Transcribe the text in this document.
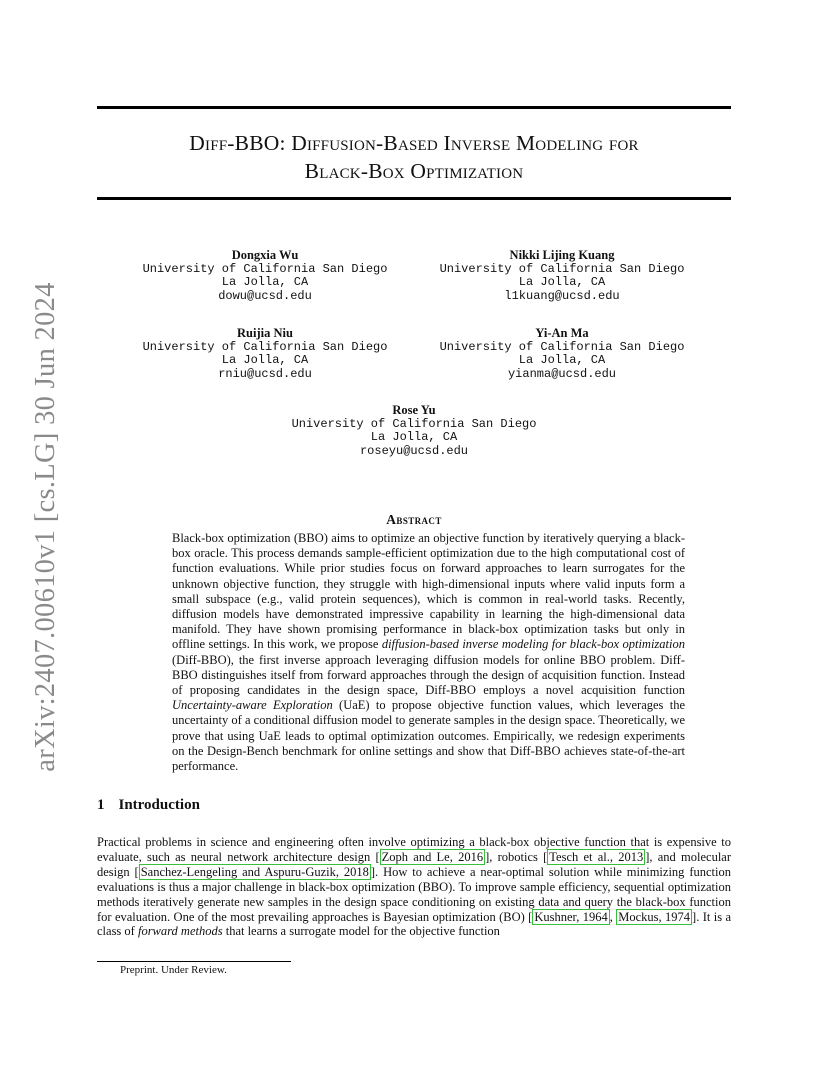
arXiv:2407.00610v1 [cs.LG] 30 Jun 2024
Diff-BBO: Diffusion-Based Inverse Modeling for
Black-Box Optimization
Dongxia Wu
University of California San Diego
La Jolla, CA
dowu@ucsd.edu
Nikki Lijing Kuang
University of California San Diego
La Jolla, CA
l1kuang@ucsd.edu
Ruijia Niu
University of California San Diego
La Jolla, CA
rniu@ucsd.edu
Yi-An Ma
University of California San Diego
La Jolla, CA
yianma@ucsd.edu
Rose Yu
University of California San Diego
La Jolla, CA
roseyu@ucsd.edu
Abstract

Black-box optimization (BBO) aims to optimize an objective function by iteratively querying a black-box oracle. This process demands sample-efficient optimization due to the high computational cost of function evaluations. While prior studies focus on forward approaches to learn surrogates for the unknown objective function, they struggle with high-dimensional inputs where valid inputs form a small subspace (e.g., valid protein sequences), which is common in real-world tasks. Recently, diffusion models have demonstrated impressive capability in learning the high-dimensional data manifold. They have shown promising performance in black-box optimization tasks but only in offline settings. In this work, we propose diffusion-based inverse modeling for black-box optimization (Diff-BBO), the first inverse approach leveraging diffusion models for online BBO problem. Diff-BBO distinguishes itself from forward approaches through the design of acquisition function. Instead of proposing candidates in the design space, Diff-BBO employs a novel acquisition function Uncertainty-aware Exploration (UaE) to propose objective function values, which leverages the uncertainty of a conditional diffusion model to generate samples in the design space. Theoretically, we prove that using UaE leads to optimal optimization outcomes. Empirically, we redesign experiments on the Design-Bench benchmark for online settings and show that Diff-BBO achieves state-of-the-art performance.

1 Introduction

Practical problems in science and engineering often involve optimizing a black-box objective function that is expensive to evaluate, such as neural network architecture design [ Zoph and Le, 2016 ], robotics [ Tesch et al., 2013 ], and molecular design [ Sanchez-Lengeling and Aspuru-Guzik, 2018 ]. How to achieve a near-optimal solution while minimizing function evaluations is thus a major challenge in black-box optimization (BBO). To improve sample efficiency, sequential optimization methods iteratively generate new samples in the design space conditioning on existing data and query the black-box function for evaluation. One of the most prevailing approaches is Bayesian optimization (BO) [ Kushner, 1964 , Mockus, 1974 ]. It is a class of forward methods that learns a surrogate model for the objective function

Preprint. Under Review.
